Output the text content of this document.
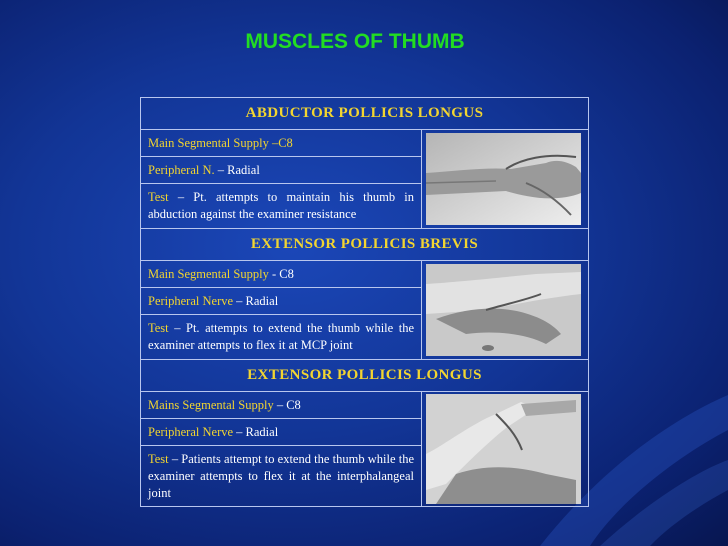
MUSCLES OF THUMB
ABDUCTOR POLLICIS LONGUS	
Main Segmental Supply –C8	

Peripheral N. – Radial	
Test – Pt. attempts to maintain his thumb in abduction against the examiner resistance	
EXTENSOR POLLICIS BREVIS	
Main Segmental Supply - C8	

Peripheral Nerve – Radial	
Test – Pt. attempts to extend the thumb while the examiner attempts to flex it at MCP joint	
EXTENSOR POLLICIS LONGUS	
Mains Segmental Supply – C8	

Peripheral Nerve – Radial	
Test – Patients attempt to extend the thumb while the examiner attempts to flex it at the interphalangeal joint	
